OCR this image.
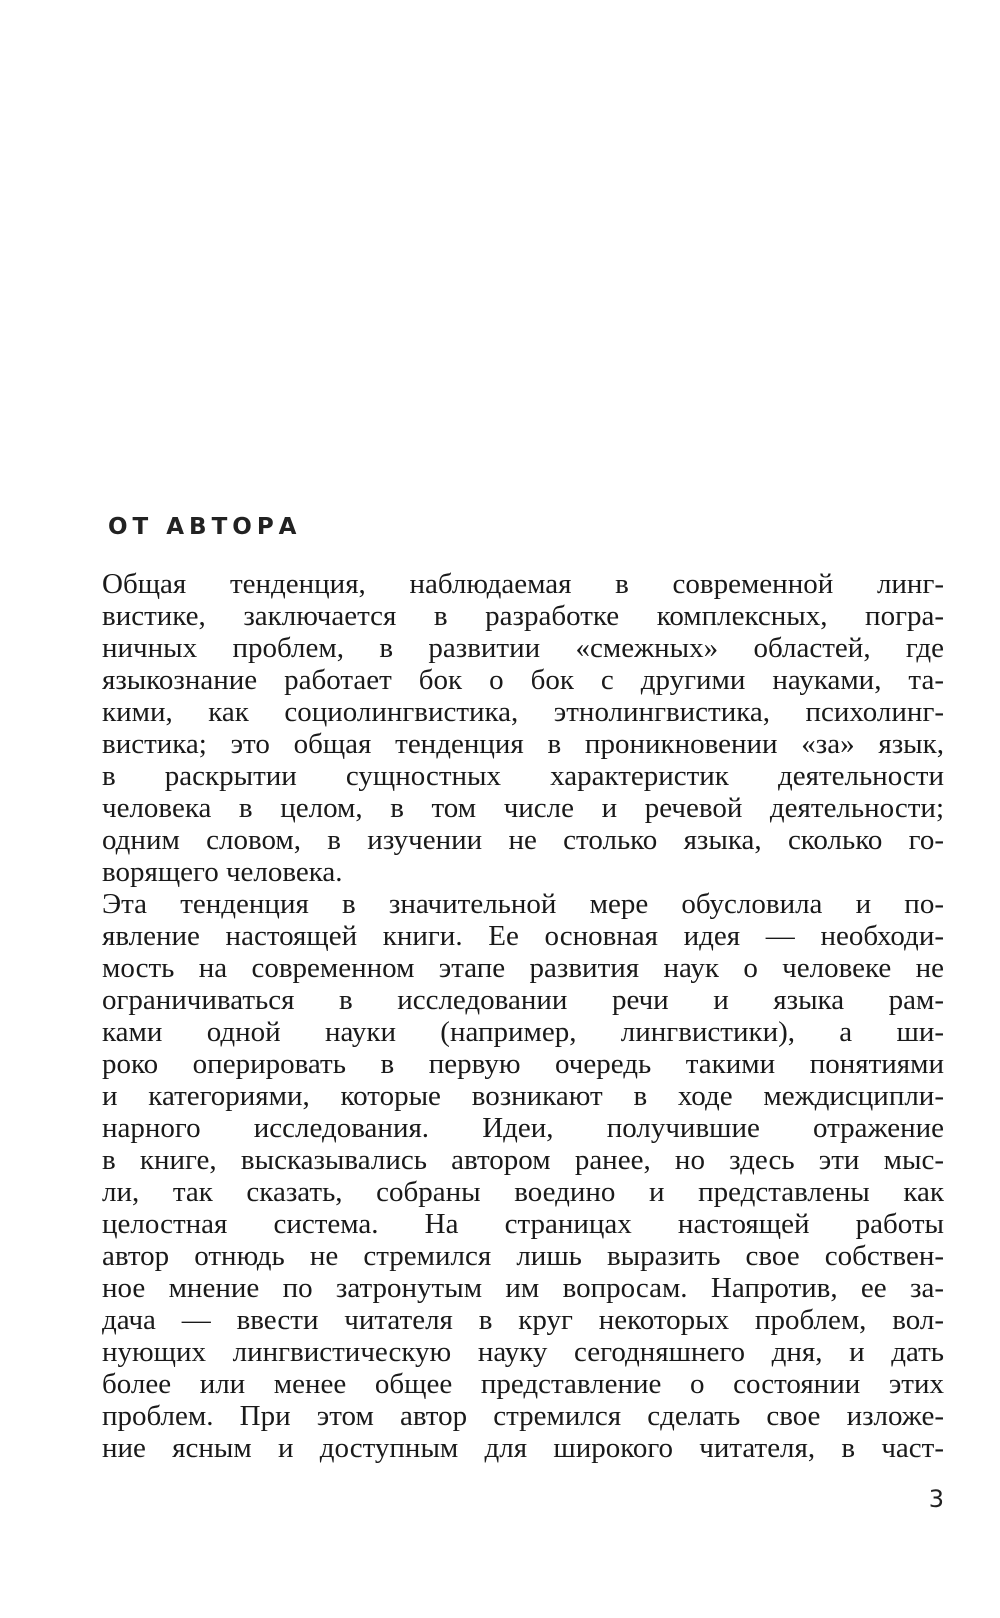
ОТ АВТОРА
Общая тенденция, наблюдаемая в современной линг-
вистике, заключается в разработке комплексных, погра-
ничных проблем, в развитии «смежных» областей, где
языкознание работает бок о бок с другими науками, та-
кими, как социолингвистика, этнолингвистика, психолинг-
вистика; это общая тенденция в проникновении «за» язык,
в раскрытии сущностных характеристик деятельности
человека в целом, в том числе и речевой деятельности;
одним словом, в изучении не столько языка, сколько го-
ворящего человека.
Эта тенденция в значительной мере обусловила и по-
явление настоящей книги. Ее основная идея — необходи-
мость на современном этапе развития наук о человеке не
ограничиваться в исследовании речи и языка рам-
ками одной науки (например, лингвистики), а ши-
роко оперировать в первую очередь такими понятиями
и категориями, которые возникают в ходе междисципли-
нарного исследования. Идеи, получившие отражение
в книге, высказывались автором ранее, но здесь эти мыс-
ли, так сказать, собраны воедино и представлены как
целостная система. На страницах настоящей работы
автор отнюдь не стремился лишь выразить свое собствен-
ное мнение по затронутым им вопросам. Напротив, ее за-
дача — ввести читателя в круг некоторых проблем, вол-
нующих лингвистическую науку сегодняшнего дня, и дать
более или менее общее представление о состоянии этих
проблем. При этом автор стремился сделать свое изложе-
ние ясным и доступным для широкого читателя, в част-

3
